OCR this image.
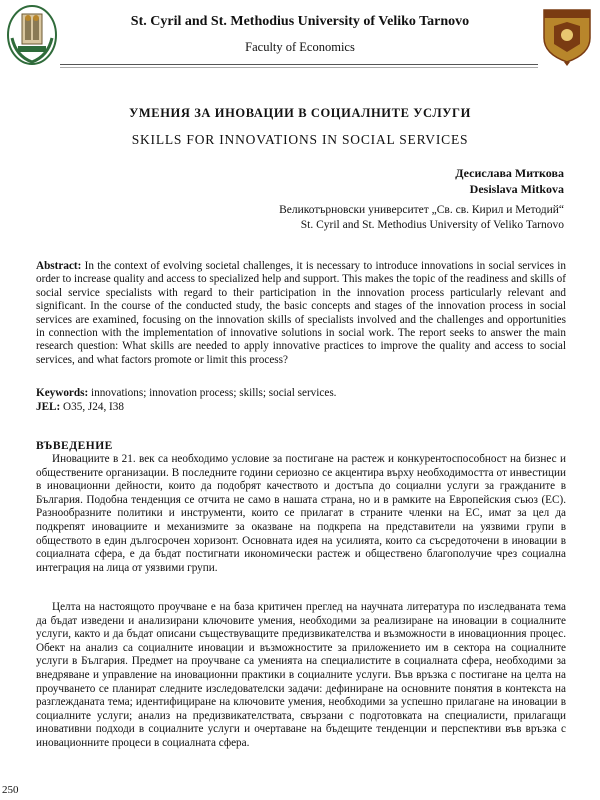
St. Cyril and St. Methodius University of Veliko Tarnovo
Faculty of Economics
УМЕНИЯ ЗА ИНОВАЦИИ В СОЦИАЛНИТЕ УСЛУГИ
SKILLS FOR INNOVATIONS IN SOCIAL SERVICES
Десислава Миткова
Desislava Mitkova
Великотърновски университет „Св. св. Кирил и Методий“
St. Cyril and St. Methodius University of Veliko Tarnovo
Abstract: In the context of evolving societal challenges, it is necessary to introduce innovations in social services in order to increase quality and access to specialized help and support. This makes the topic of the readiness and skills of social service specialists with regard to their participation in the innovation process particularly relevant and significant. In the course of the conducted study, the basic concepts and stages of the innovation process in social services are examined, focusing on the innovation skills of specialists involved and the challenges and opportunities in connection with the implementation of innovative solutions in social work. The report seeks to answer the main research question: What skills are needed to apply innovative practices to improve the quality and access to social services, and what factors promote or limit this process?
Keywords: innovations; innovation process; skills; social services.
JEL: O35, J24, I38
ВЪВЕДЕНИЕ
Иновациите в 21. век са необходимо условие за постигане на растеж и конкурентоспособност на бизнес и обществените организации. В последните години сериозно се акцентира върху необходимостта от инвестиции в иновационни дейности, които да подобрят качеството и достъпа до социални услуги за гражданите в България. Подобна тенденция се отчита не само в нашата страна, но и в рамките на Европейския съюз (ЕС). Разнообразните политики и инструменти, които се прилагат в страните членки на ЕС, имат за цел да подкрепят иновациите и механизмите за оказване на подкрепа на представители на уязвими групи в обществото в един дългосрочен хоризонт. Основната идея на усилията, които са съсредоточени в иновации в социалната сфера, е да бъдат постигнати икономически растеж и обществено благополучие чрез социална интеграция на лица от уязвими групи.
Целта на настоящото проучване е на база критичен преглед на научната литература по изследваната тема да бъдат изведени и анализирани ключовите умения, необходими за реализиране на иновации в социалните услуги, както и да бъдат описани съществуващите предизвикателства и възможности в иновационния процес. Обект на анализ са социалните иновации и възможностите за приложението им в сектора на социалните услуги в България. Предмет на проучване са уменията на специалистите в социалната сфера, необходими за внедряване и управление на иновационни практики в социалните услуги. Във връзка с постигане на целта на проучването се планират следните изследователски задачи: дефиниране на основните понятия в контекста на разглежданата тема; идентифициране на ключовите умения, необходими за успешно прилагане на иновации в социалните услуги; анализ на предизвикателствата, свързани с подготовката на специалисти, прилагащи иновативни подходи в социалните услуги и очертаване на бъдещите тенденции и перспективи във връзка с иновационните процеси в социалната сфера.
250
